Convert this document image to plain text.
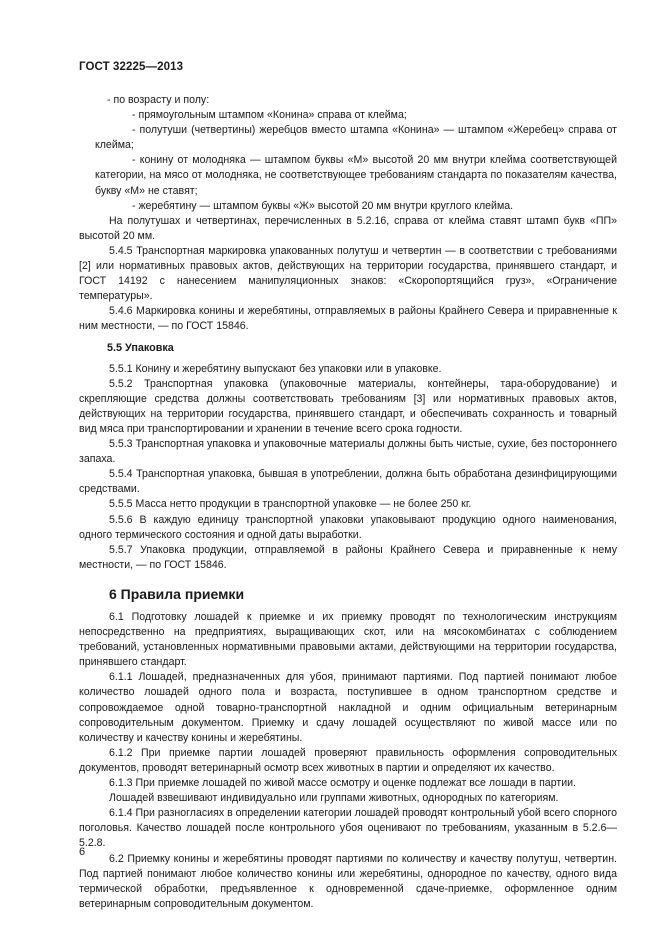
ГОСТ 32225—2013

- по возрасту и полу:

- прямоугольным штампом «Конина» справа от клейма;

- полутуши (четвертины) жеребцов вместо штампа «Конина» — штампом «Жеребец» справа от клейма;

- конину от молодняка — штампом буквы «М» высотой 20 мм внутри клейма соответствующей категории, на мясо от молодняка, не соответствующее требованиям стандарта по показателям качества, букву «М» не ставят;

- жеребятину — штампом буквы «Ж» высотой 20 мм внутри круглого клейма.

На полутушах и четвертинах, перечисленных в 5.2.16, справа от клейма ставят штамп букв «ПП» высотой 20 мм.

5.4.5 Транспортная маркировка упакованных полутуш и четвертин — в соответствии с требованиями [2] или нормативных правовых актов, действующих на территории государства, принявшего стандарт, и ГОСТ 14192 с нанесением манипуляционных знаков: «Скоропортящийся груз», «Ограничение температуры».

5.4.6 Маркировка конины и жеребятины, отправляемых в районы Крайнего Севера и приравненные к ним местности, — по ГОСТ 15846.

5.5 Упаковка

5.5.1 Конину и жеребятину выпускают без упаковки или в упаковке.

5.5.2 Транспортная упаковка (упаковочные материалы, контейнеры, тара-оборудование) и скрепляющие средства должны соответствовать требованиям [3] или нормативных правовых актов, действующих на территории государства, принявшего стандарт, и обеспечивать сохранность и товарный вид мяса при транспортировании и хранении в течение всего срока годности.

5.5.3 Транспортная упаковка и упаковочные материалы должны быть чистые, сухие, без постороннего запаха.

5.5.4 Транспортная упаковка, бывшая в употреблении, должна быть обработана дезинфицирующими средствами.

5.5.5 Масса нетто продукции в транспортной упаковке — не более 250 кг.

5.5.6 В каждую единицу транспортной упаковки упаковывают продукцию одного наименования, одного термического состояния и одной даты выработки.

5.5.7 Упаковка продукции, отправляемой в районы Крайнего Севера и приравненные к нему местности, — по ГОСТ 15846.

6 Правила приемки

6.1 Подготовку лошадей к приемке и их приемку проводят по технологическим инструкциям непосредственно на предприятиях, выращивающих скот, или на мясокомбинатах с соблюдением требований, установленных нормативными правовыми актами, действующими на территории государства, принявшего стандарт.

6.1.1 Лошадей, предназначенных для убоя, принимают партиями. Под партией понимают любое количество лошадей одного пола и возраста, поступившее в одном транспортном средстве и сопровождаемое одной товарно-транспортной накладной и одним официальным ветеринарным сопроводительным документом. Приемку и сдачу лошадей осуществляют по живой массе или по количеству и качеству конины и жеребятины.

6.1.2 При приемке партии лошадей проверяют правильность оформления сопроводительных документов, проводят ветеринарный осмотр всех животных в партии и определяют их качество.

6.1.3 При приемке лошадей по живой массе осмотру и оценке подлежат все лошади в партии.

Лошадей взвешивают индивидуально или группами животных, однородных по категориям.

6.1.4 При разногласиях в определении категории лошадей проводят контрольный убой всего спорного поголовья. Качество лошадей после контрольного убоя оценивают по требованиям, указанным в 5.2.6—5.2.8.

6.2 Приемку конины и жеребятины проводят партиями по количеству и качеству полутуш, четвертин. Под партией понимают любое количество конины или жеребятины, однородное по качеству, одного вида термической обработки, предъявленное к одновременной сдаче-приемке, оформленное одним ветеринарным сопроводительным документом.

6
